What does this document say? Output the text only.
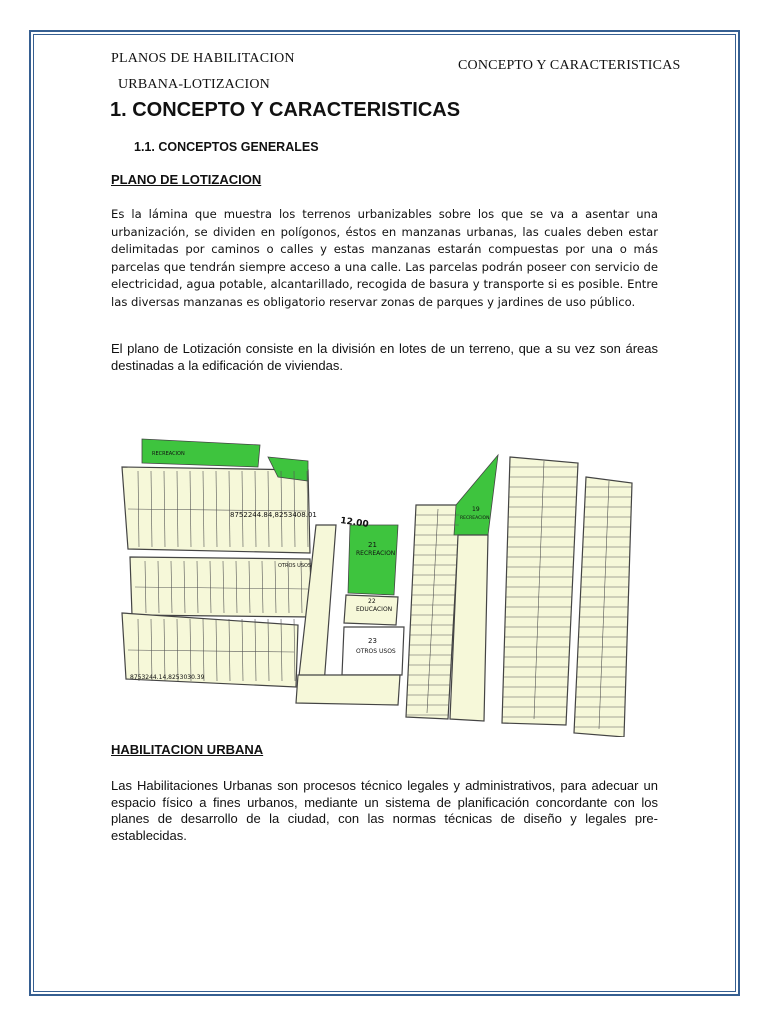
PLANOS DE HABILITACION
URBANA-LOTIZACION
CONCEPTO Y CARACTERISTICAS
1. CONCEPTO Y CARACTERISTICAS
1.1. CONCEPTOS GENERALES
PLANO DE LOTIZACION
Es la lámina que muestra los terrenos urbanizables sobre los que se va a asentar una urbanización, se dividen en polígonos, éstos en manzanas urbanas, las cuales deben estar delimitadas por caminos o calles y estas manzanas estarán compuestas por una o más parcelas que tendrán siempre acceso a una calle. Las parcelas podrán poseer con servicio de electricidad, agua potable, alcantarillado, recogida de basura y transporte si es posible. Entre las diversas manzanas es obligatorio reservar zonas de parques y jardines de uso público.
El plano de Lotización consiste en la división en lotes de un terreno, que a su vez son áreas destinadas a la edificación de viviendas.
RECREACION
8752244.84,8253408.01
12.00
21
RECREACION
19
RECREACION
22
EDUCACION
23
OTROS USOS
OTROS USOS
8753244.14,8253030.39
HABILITACION URBANA
Las Habilitaciones Urbanas son procesos técnico legales y administrativos, para adecuar un espacio físico a fines urbanos, mediante un sistema de planificación concordante con los planes de desarrollo de la ciudad, con las normas técnicas de diseño y legales pre-establecidas.
